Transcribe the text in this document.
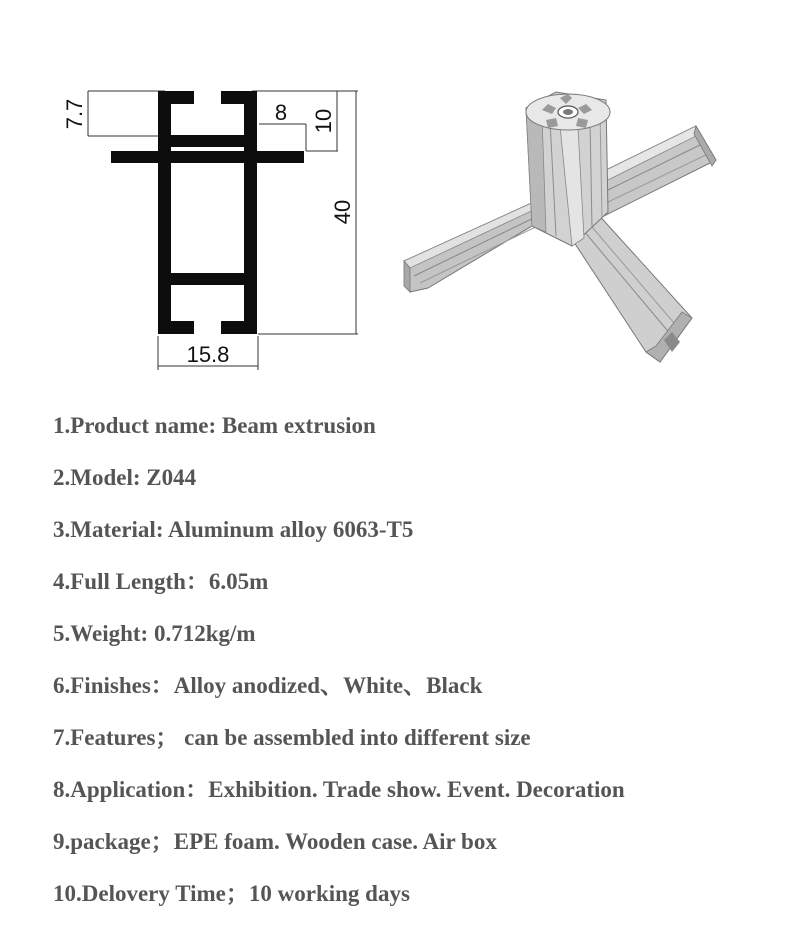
7.7	8 10
40
15.8
1.Product name: Beam extrusion
2.Model: Z044
3.Material: Aluminum alloy 6063-T5
4.Full Length：6.05m
5.Weight: 0.712kg/m
6.Finishes：Alloy anodized、White、Black
7.Features； can be assembled into different size
8.Application：Exhibition. Trade show. Event. Decoration
9.package；EPE foam. Wooden case. Air box
10.Delovery Time；10 working days
